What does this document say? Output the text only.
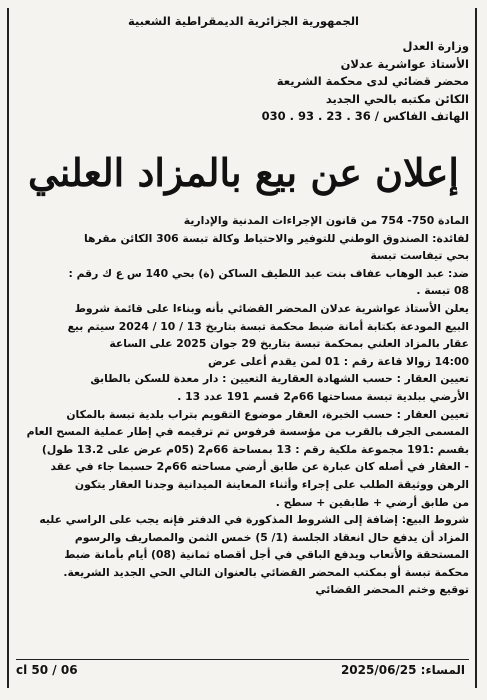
الجمهورية الجزائرية الديمقراطية الشعبية
وزارة العدل
الأستاذ عواشرية عدلان
محضر قضائي لدى محكمة الشريعة
الكائن مكتبه بالحي الجديد
الهاتف الفاكس / 36 . 23 . 93 . 030
إعلان عن بيع بالمزاد العلني
المادة 750- 754 من قانون الإجراءات المدنية والإدارية
لفائدة: الصندوق الوطني للتوفير والاحتياط وكالة تبسة 306 الكائن مقرها
بحي تيفاست تبسة
ضد: عبد الوهاب عفاف بنت عبد اللطيف الساكن (ة) بحي 140 س ع ك رقم :
08 تبسة .
يعلن الأستاذ عواشرية عدلان المحضر القضائي بأنه وبناءا على قائمة شروط
البيع المودعة بكتابة أمانة ضبط محكمة تبسة بتاريخ 13 / 10 / 2024 سيتم بيع
عقار بالمزاد العلني بمحكمة تبسة بتاريخ 29 جوان 2025 على الساعة
14:00 زوالا قاعة رقم : 01 لمن يقدم أعلى عرض
تعيين العقار : حسب الشهادة العقارية التعيين : دار معدة للسكن بالطابق
الأرضي ببلدية تبسة مساحتها 66م2 قسم 191 عدد 13 .
تعيين العقار : حسب الخبرة، العقار موضوع التقويم بتراب بلدية تبسة بالمكان
المسمى الجرف بالقرب من مؤسسة فرفوس تم ترقيمه في إطار عملية المسح العام
بقسم :191 مجموعة ملكية رقم : 13 بمساحة 66م2 (05م عرض على 13.2 طول)
- العقار في أصله كان عبارة عن طابق أرضي مساحته 66م2 حسبما جاء في عقد
الرهن ووثيقة الطلب على إجراء وأثناء المعاينة الميدانية وجدنا العقار يتكون
من طابق أرضي + طابقين + سطح .
شروط البيع: إضافة إلى الشروط المذكورة في الدفتر فإنه يجب على الراسي عليه
المزاد أن يدفع حال انعقاد الجلسة (1/ 5) خمس الثمن والمصاريف والرسوم
المستحقة والأتعاب ويدفع الباقي في أجل أقصاه ثمانية (08) أيام بأمانة ضبط
محكمة تبسة أو بمكتب المحضر القضائي بالعنوان التالي الحي الجديد الشريعة.
توقيع وختم المحضر القضائي
cl 50 / 06	المساء: 2025/06/25
